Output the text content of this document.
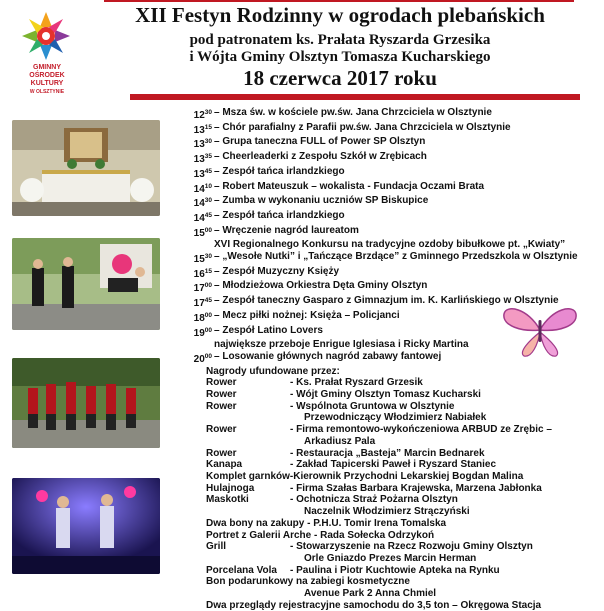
GMINNY
OŚRODEK
KULTURY
W OLSZTYNIE
XII Festyn Rodzinny w ogrodach plebańskich
pod patronatem ks. Prałata Ryszarda Grzesika
i Wójta Gminy Olsztyn Tomasza Kucharskiego
18 czerwca 2017 roku
$12^{30}$ – Msza św. w kościele pw.św. Jana Chrzciciela w Olsztynie
$13^{15}$ – Chór parafialny z Parafii pw.św. Jana Chrzciciela w Olsztynie
$13^{30}$ – Grupa taneczna FULL of Power SP Olsztyn
$13^{35}$ – Cheerleaderki z Zespołu Szkół w Zrębicach
$13^{45}$ – Zespół tańca irlandzkiego
$14^{10}$ – Robert Mateuszuk – wokalista - Fundacja Oczami Brata
$14^{30}$ – Zumba w wykonaniu uczniów SP Biskupice
$14^{45}$ – Zespół tańca irlandzkiego
$15^{00}$ – Wręczenie nagród laureatom
XVI Regionalnego Konkursu na tradycyjne ozdoby bibułkowe pt. „Kwiaty”
$15^{30}$ – „Wesołe Nutki” i „Tańczące Brzdące” z Gminnego Przedszkola w Olsztynie
$16^{15}$ – Zespół Muzyczny Księży
$17^{00}$ – Młodzieżowa Orkiestra Dęta Gminy Olsztyn
$17^{45}$ – Zespół taneczny Gasparo z Gimnazjum im. K. Karlińskiego w Olsztynie
$18^{00}$ – Mecz piłki nożnej: Księża – Policjanci
$19^{00}$ – Zespół Latino Lovers
największe przeboje Enrigue Iglesiasa i Ricky Martina
$20^{00}$ – Losowanie głównych nagród zabawy fantowej
Nagrody ufundowane przez:
Rower	- Ks. Prałat Ryszard Grzesik
Rower	- Wójt Gminy Olsztyn Tomasz Kucharski
Rower	- Wspólnota Gruntowa w Olsztynie
Przewodniczący Włodzimierz Nabiałek
Rower	- Firma remontowo-wykończeniowa ARBUD ze Zrębic –
Arkadiusz Pala
Rower	- Restauracja „Basteja” Marcin Bednarek
Kanapa	- Zakład Tapicerski Paweł i Ryszard Staniec
Komplet garnków-Kierownik Przychodni Lekarskiej Bogdan Malina
Hulajnoga	- Firma Szałas Barbara Krajewska, Marzena Jabłonka
Maskotki	- Ochotnicza Straż Pożarna Olsztyn
Naczelnik Włodzimierz Strączyński
Dwa bony na zakupy - P.H.U. Tomir Irena Tomalska
Portret z Galerii Arche - Rada Sołecka Odrzykoń
Grill	- Stowarzyszenie na Rzecz Rozwoju Gminy Olsztyn
Orle Gniazdo Prezes Marcin Herman
Porcelana Vola	- Paulina i Piotr Kuchtowie Apteka na Rynku
Bon podarunkowy na zabiegi kosmetyczne
Avenue Park 2 Anna Chmiel
Dwa przeglądy rejestracyjne samochodu do 3,5 ton – Okręgowa Stacja
